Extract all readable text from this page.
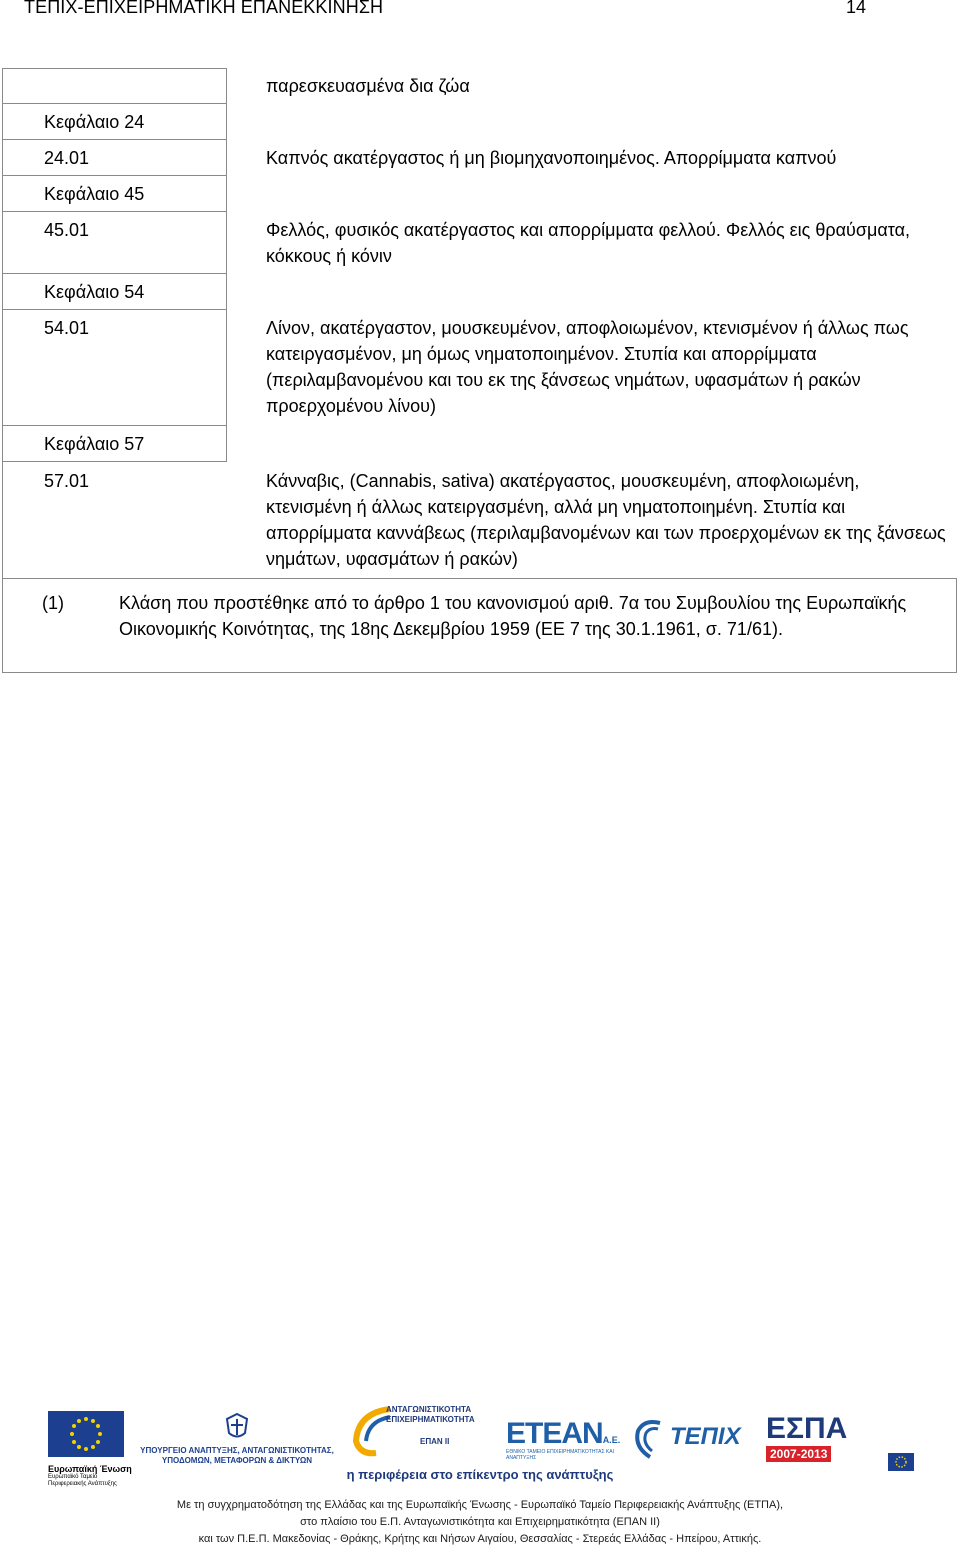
ΤΕΠΙΧ-ΕΠΙΧΕΙΡΗΜΑΤΙΚΗ ΕΠΑΝΕΚΚΙΝΗΣΗ	14
παρεσκευασμένα δια ζώα
Κεφάλαιο 24
24.01	Καπνός ακατέργαστος ή μη βιομηχανοποιημένος. Απορρίμματα καπνού
Κεφάλαιο 45
45.01	Φελλός, φυσικός ακατέργαστος και απορρίμματα φελλού. Φελλός εις θραύσματα, κόκκους ή κόνιν
Κεφάλαιο 54
54.01	Λίνον, ακατέργαστον, μουσκευμένον, αποφλοιωμένον, κτενισμένον ή άλλως πως κατειργασμένον, μη όμως νηματοποιημένον. Στυπία και απορρίμματα (περιλαμβανομένου και του εκ της ξάνσεως νημάτων, υφασμάτων ή ρακών προερχομένου λίνου)
Κεφάλαιο 57
57.01	Κάνναβις, (Cannabis, sativa) ακατέργαστος, μουσκευμένη, αποφλοιωμένη, κτενισμένη ή άλλως κατειργασμένη, αλλά μη νηματοποιημένη. Στυπία και απορρίμματα καννάβεως (περιλαμβανομένων και των προερχομένων εκ της ξάνσεως νημάτων, υφασμάτων ή ρακών)
(1)	Κλάση που προστέθηκε από το άρθρο 1 του κανονισμού αριθ. 7α του Συμβουλίου της Ευρωπαϊκής Οικονομικής Κοινότητας, της 18ης Δεκεμβρίου 1959 (ΕΕ 7 της 30.1.1961, σ. 71/61).
Ευρωπαϊκή Ένωση
Ευρωπαϊκό Ταμείο Περιφερειακής Ανάπτυξης
ΥΠΟΥΡΓΕΙΟ ΑΝΑΠΤΥΞΗΣ, ΑΝΤΑΓΩΝΙΣΤΙΚΟΤΗΤΑΣ, ΥΠΟΔΟΜΩΝ, ΜΕΤΑΦΟΡΩΝ & ΔΙΚΤΥΩΝ
ΑΝΤΑΓΩΝΙΣΤΙΚΟΤΗΤΑ ΕΠΙΧΕΙΡΗΜΑΤΙΚΟΤΗΤΑ
ΕΠΑΝ ΙΙ ΕΤΕΑΝΑ.Ε.
ΕΘΝΙΚΟ ΤΑΜΕΙΟ ΕΠΙΧΕΙΡΗΜΑΤΙΚΟΤΗΤΑΣ ΚΑΙ ΑΝΑΠΤΥΞΗΣ
ΤΕΠΙΧ ΕΣΠΑ
2007-2013
η περιφέρεια στο επίκεντρο της ανάπτυξης
Με τη συγχρηματοδότηση της Ελλάδας και της Ευρωπαϊκής Ένωσης - Ευρωπαϊκό Ταμείο Περιφερειακής Ανάπτυξης (ΕΤΠΑ),
στο πλαίσιο του Ε.Π. Ανταγωνιστικότητα και Επιχειρηματικότητα (ΕΠΑΝ ΙΙ)
και των Π.Ε.Π. Μακεδονίας - Θράκης, Κρήτης και Νήσων Αιγαίου, Θεσσαλίας - Στερεάς Ελλάδας - Ηπείρου, Αττικής.
